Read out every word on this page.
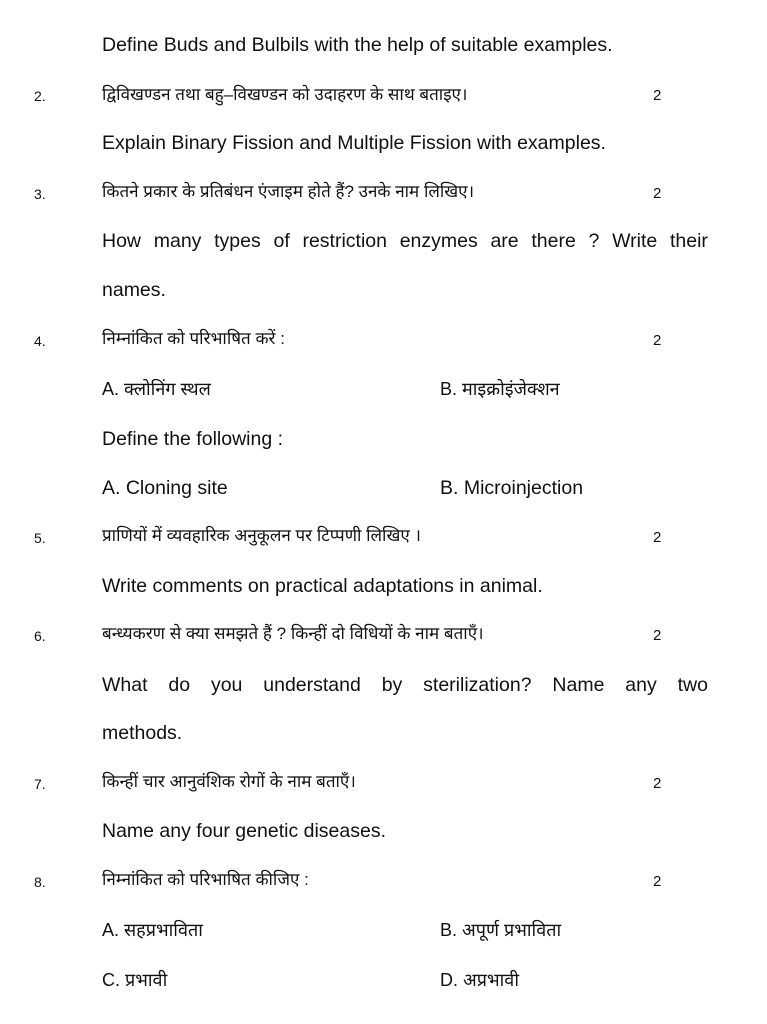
Define Buds and Bulbils with the help of suitable examples.
2.	द्विविखण्डन तथा बहु–विखण्डन को उदाहरण के साथ बताइए।	2
Explain Binary Fission and Multiple Fission with examples.
3.	कितने प्रकार के प्रतिबंधन एंजाइम होते हैं? उनके नाम लिखिए।	2
How many types of restriction enzymes are there ? Write their
names.
4.	निम्नांकित को परिभाषित करें :	2
A. क्लोनिंग स्थल	B. माइक्रोइंजेक्शन
Define the following :
A. Cloning site	B. Microinjection
5.	प्राणियों में व्यवहारिक अनुकूलन पर टिप्पणी लिखिए ।	2
Write comments on practical adaptations in animal.
6.	बन्ध्यकरण से क्या समझते हैं ? किन्हीं दो विधियों के नाम बताएँ।	2
What do you understand by sterilization? Name any two
methods.
7.	किन्हीं चार आनुवंशिक रोगों के नाम बताएँ।	2
Name any four genetic diseases.
8.	निम्नांकित को परिभाषित कीजिए :	2
A. सहप्रभाविता	B. अपूर्ण प्रभाविता
C. प्रभावी	D. अप्रभावी
